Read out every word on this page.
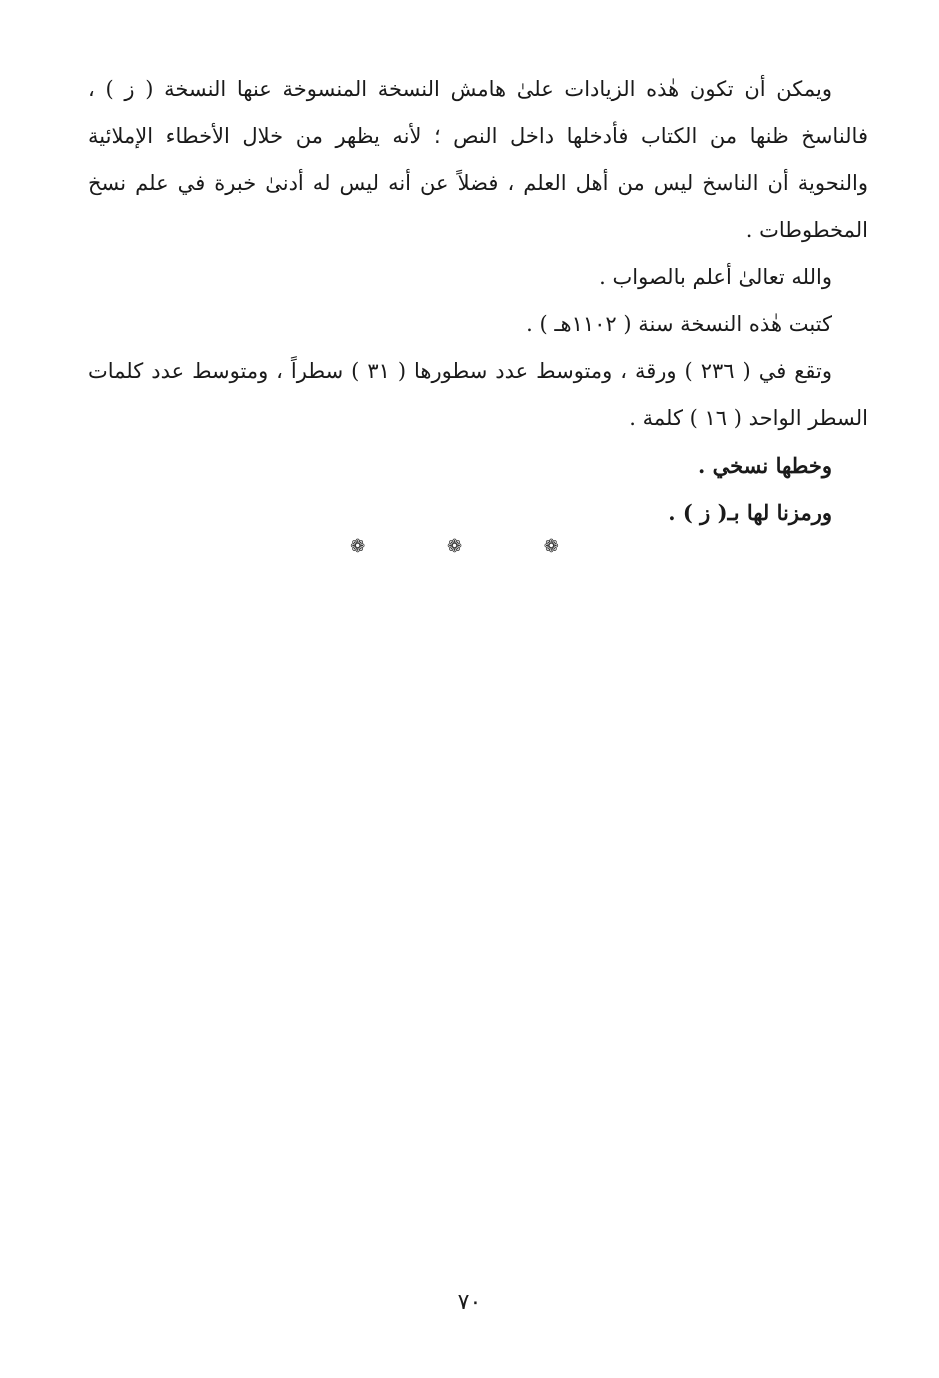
ويمكن أن تكون هٰذه الزيادات علىٰ هامش النسخة المنسوخة عنها النسخة ( ز ) ، فالناسخ ظنها من الكتاب فأدخلها داخل النص ؛ لأنه يظهر من خلال الأخطاء الإملائية والنحوية أن الناسخ ليس من أهل العلم ، فضلاً عن أنه ليس له أدنىٰ خبرة في علم نسخ المخطوطات .

والله تعالىٰ أعلم بالصواب .

كتبت هٰذه النسخة سنة ( ١١٠٢هـ ) .

وتقع في ( ٢٣٦ ) ورقة ، ومتوسط عدد سطورها ( ٣١ ) سطراً ، ومتوسط عدد كلمات السطر الواحد ( ١٦ ) كلمة .

وخطها نسخي .

ورمزنا لها بـ( ز ) .

❁	❁	❁
٧٠
